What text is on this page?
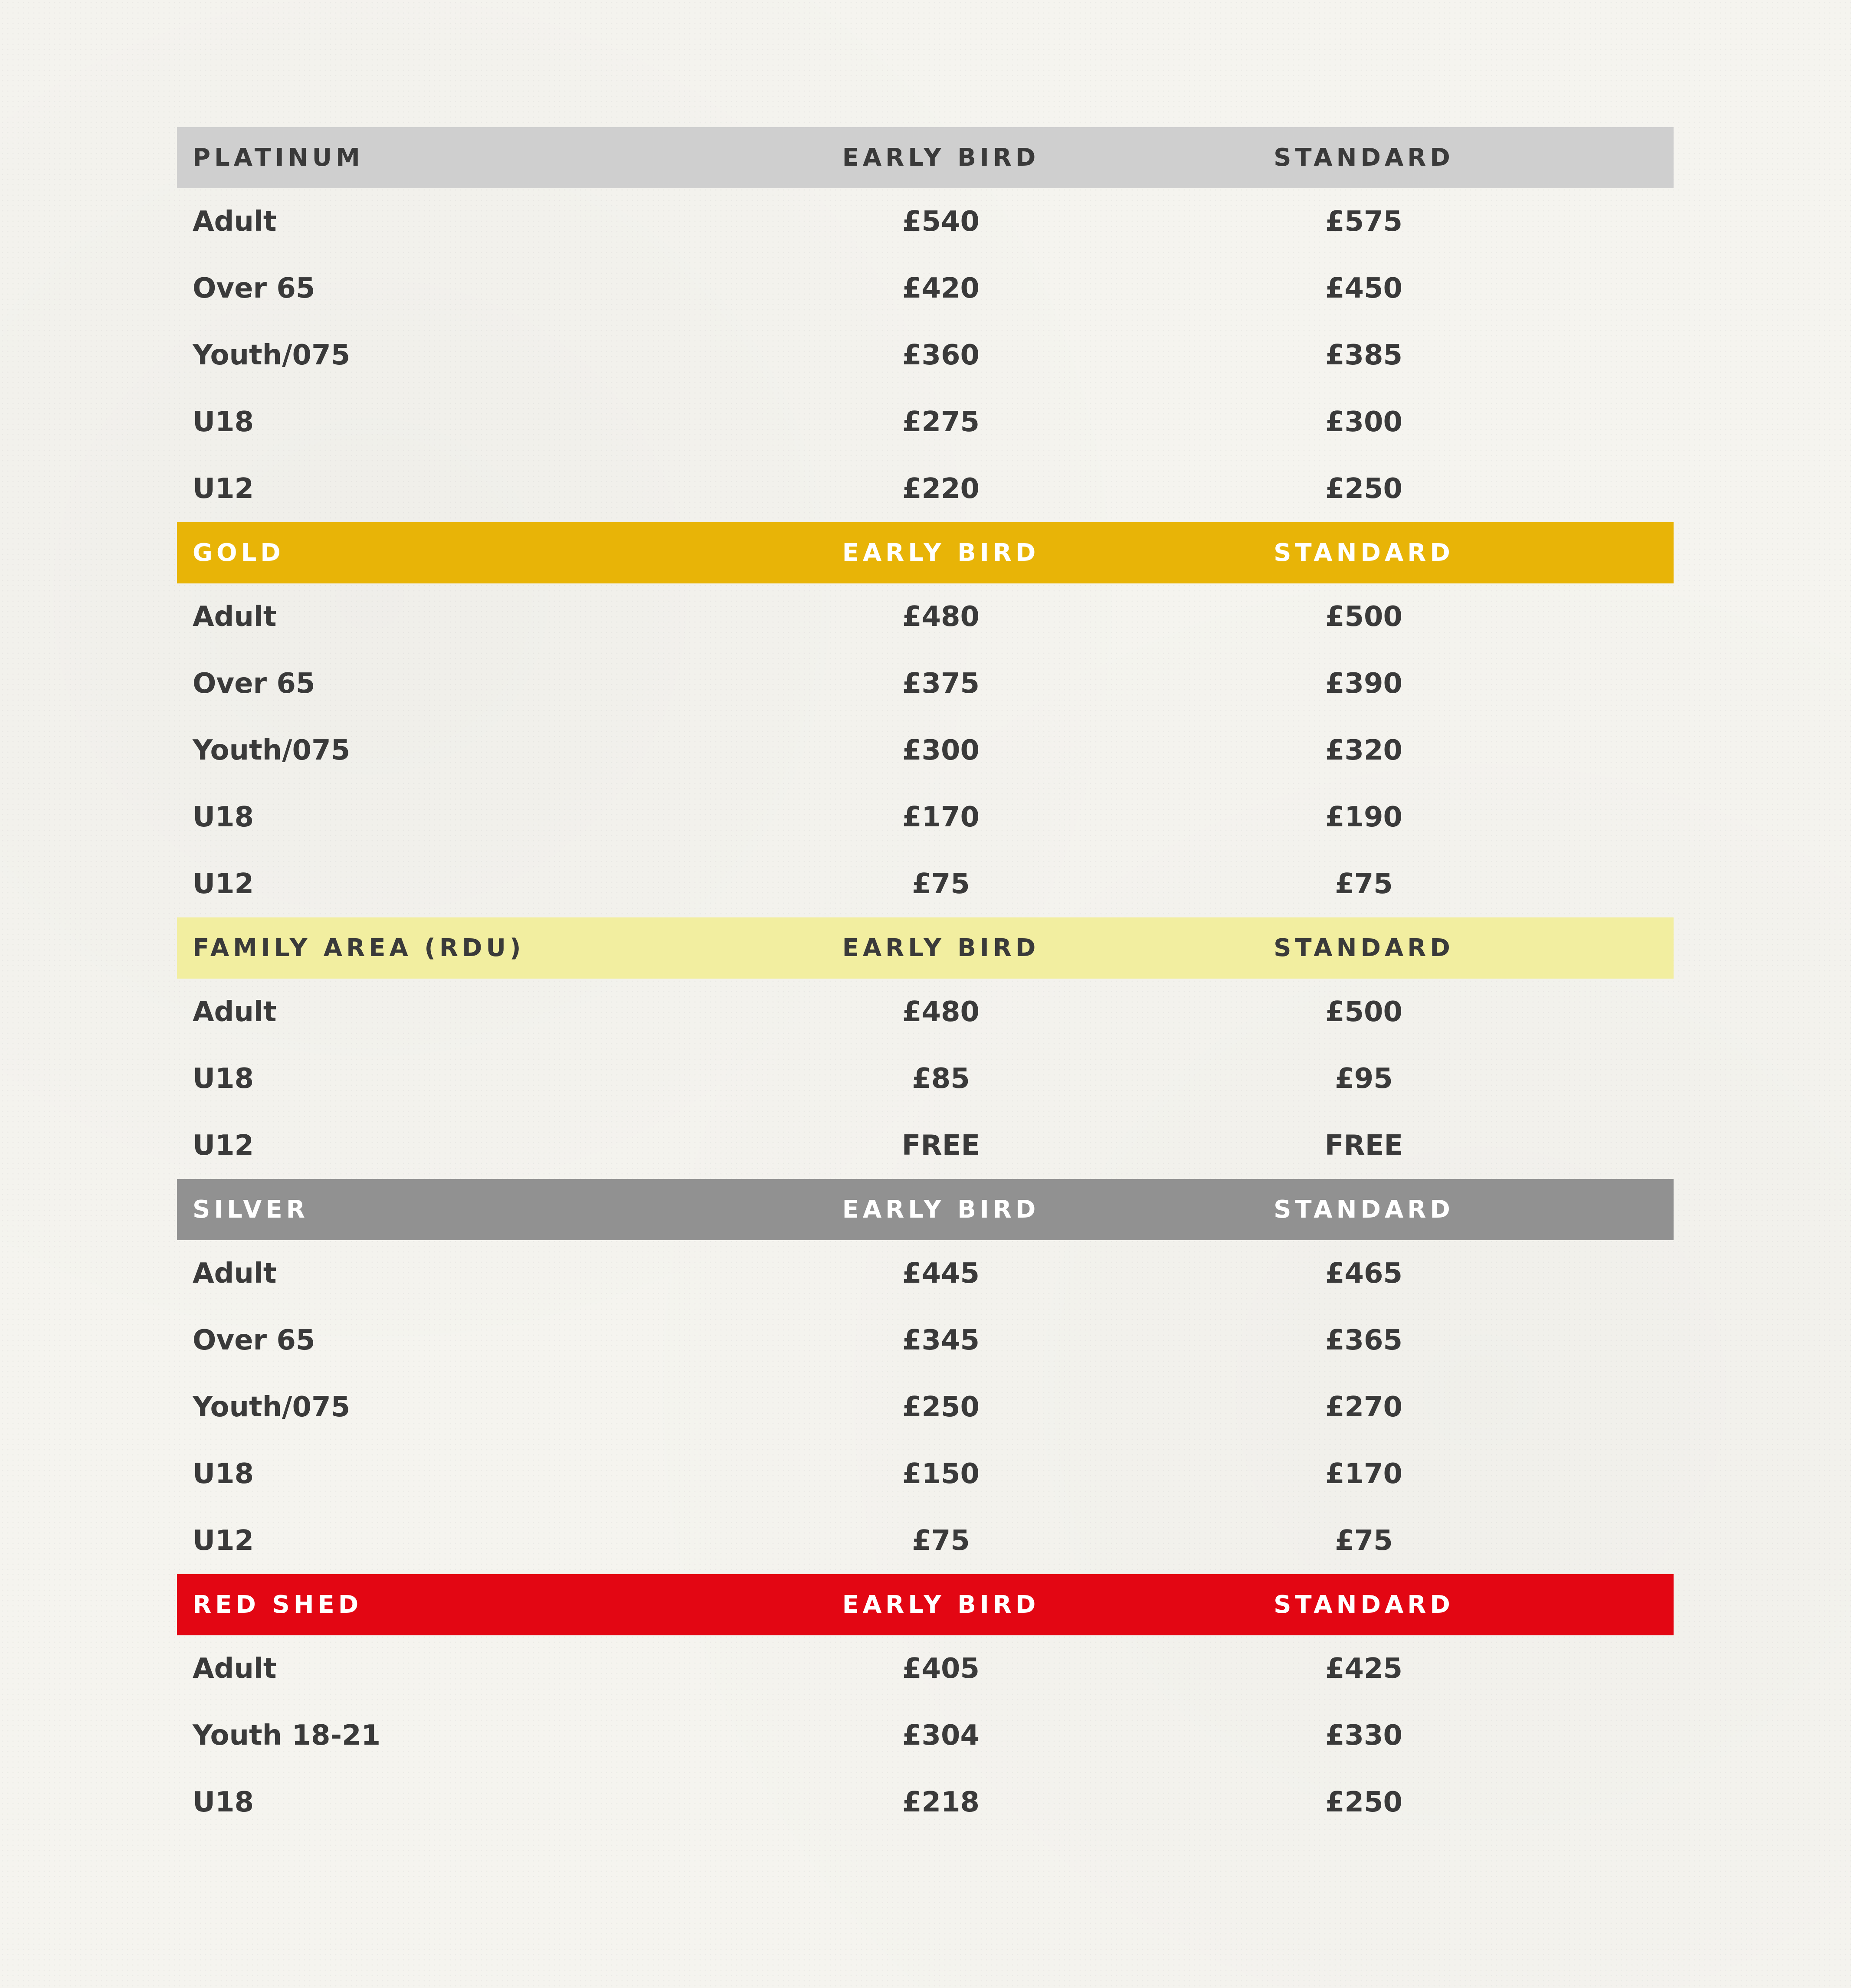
PLATINUM	EARLY BIRD	STANDARD
Adult	£540	£575
Over 65	£420	£450
Youth/075	£360	£385
U18	£275	£300
U12	£220	£250
GOLD	EARLY BIRD	STANDARD
Adult	£480	£500
Over 65	£375	£390
Youth/075	£300	£320
U18	£170	£190
U12	£75	£75
FAMILY AREA (RDU)	EARLY BIRD	STANDARD
Adult	£480	£500
U18	£85	£95
U12	FREE	FREE
SILVER	EARLY BIRD	STANDARD
Adult	£445	£465
Over 65	£345	£365
Youth/075	£250	£270
U18	£150	£170
U12	£75	£75
RED SHED	EARLY BIRD	STANDARD
Adult	£405	£425
Youth 18-21	£304	£330
U18	£218	£250
